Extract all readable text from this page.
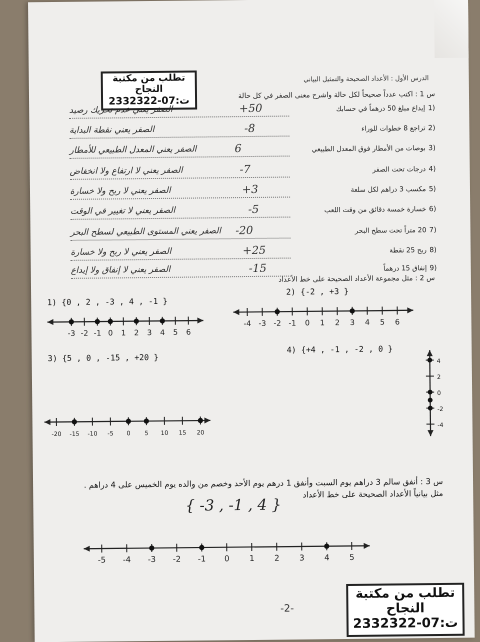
تطلب من مكتبة النجاح
ت:07-2332322
الدرس الأول : الأعداد الصحيحة والتمثيل البياني
س 1 : اكتب عدداً صحيحاً لكل حالة واشرح معنى الصفر في كل حالة
1)
إيداع مبلغ 50 درهماً في حسابك
+50
الصفر يعني عدم تحريك رصيد
2)
تراجع 8 خطوات للوراء
-8
الصفر يعني نقطة البداية
3)
بوصات من الأمطار فوق المعدل الطبيعي
6
الصفر يعني المعدل الطبيعي للأمطار
4)
درجات تحت الصفر
-7
الصفر يعني لا ارتفاع ولا انخفاض
5)
مكسب 3 دراهم لكل سلعة
+3
الصفر يعني لا ربح ولا خسارة
6)
خسارة خمسة دقائق من وقت اللعب
-5
الصفر يعني لا تغيير في الوقت
7)
20 متراً تحت سطح البحر
-20
الصفر يعني المستوى الطبيعي لسطح البحر
8)
ربح 25 نقطة
+25
الصفر يعني لا ربح ولا خسارة
9)
إنفاق 15 درهماً
-15
الصفر يعني لا إنفاق ولا إيداع
س 2 : مثل مجموعة الأعداد الصحيحة على خط الأعداد
1) {0 , 2 , -3 , 4 , -1 }
2) {-2 , +3 }
3) {5 , 0 , -15 , +20 }
4) {+4 , -1 , -2 , 0 }
-3 -2 -1 0 1 2 3 4 5 6
-4 -3 -2 -1 0 1 2 3 4 5 6
-20 -15 -10 -5 0 5 10 15 20
4
2
0
-2
-4
س 3 : أنفق سالم 3 دراهم يوم السبت وأنفق 1 درهم يوم الأحد وخصم من والده يوم الخميس على 4 دراهم . مثل بيانياً الأعداد الصحيحة على خط الأعداد
{ -3 , -1 , 4 }
-5 -4 -3 -2 -1 0 1 2 3 4 5
تطلب من مكتبة النجاح
ت:07-2332322
-2-
